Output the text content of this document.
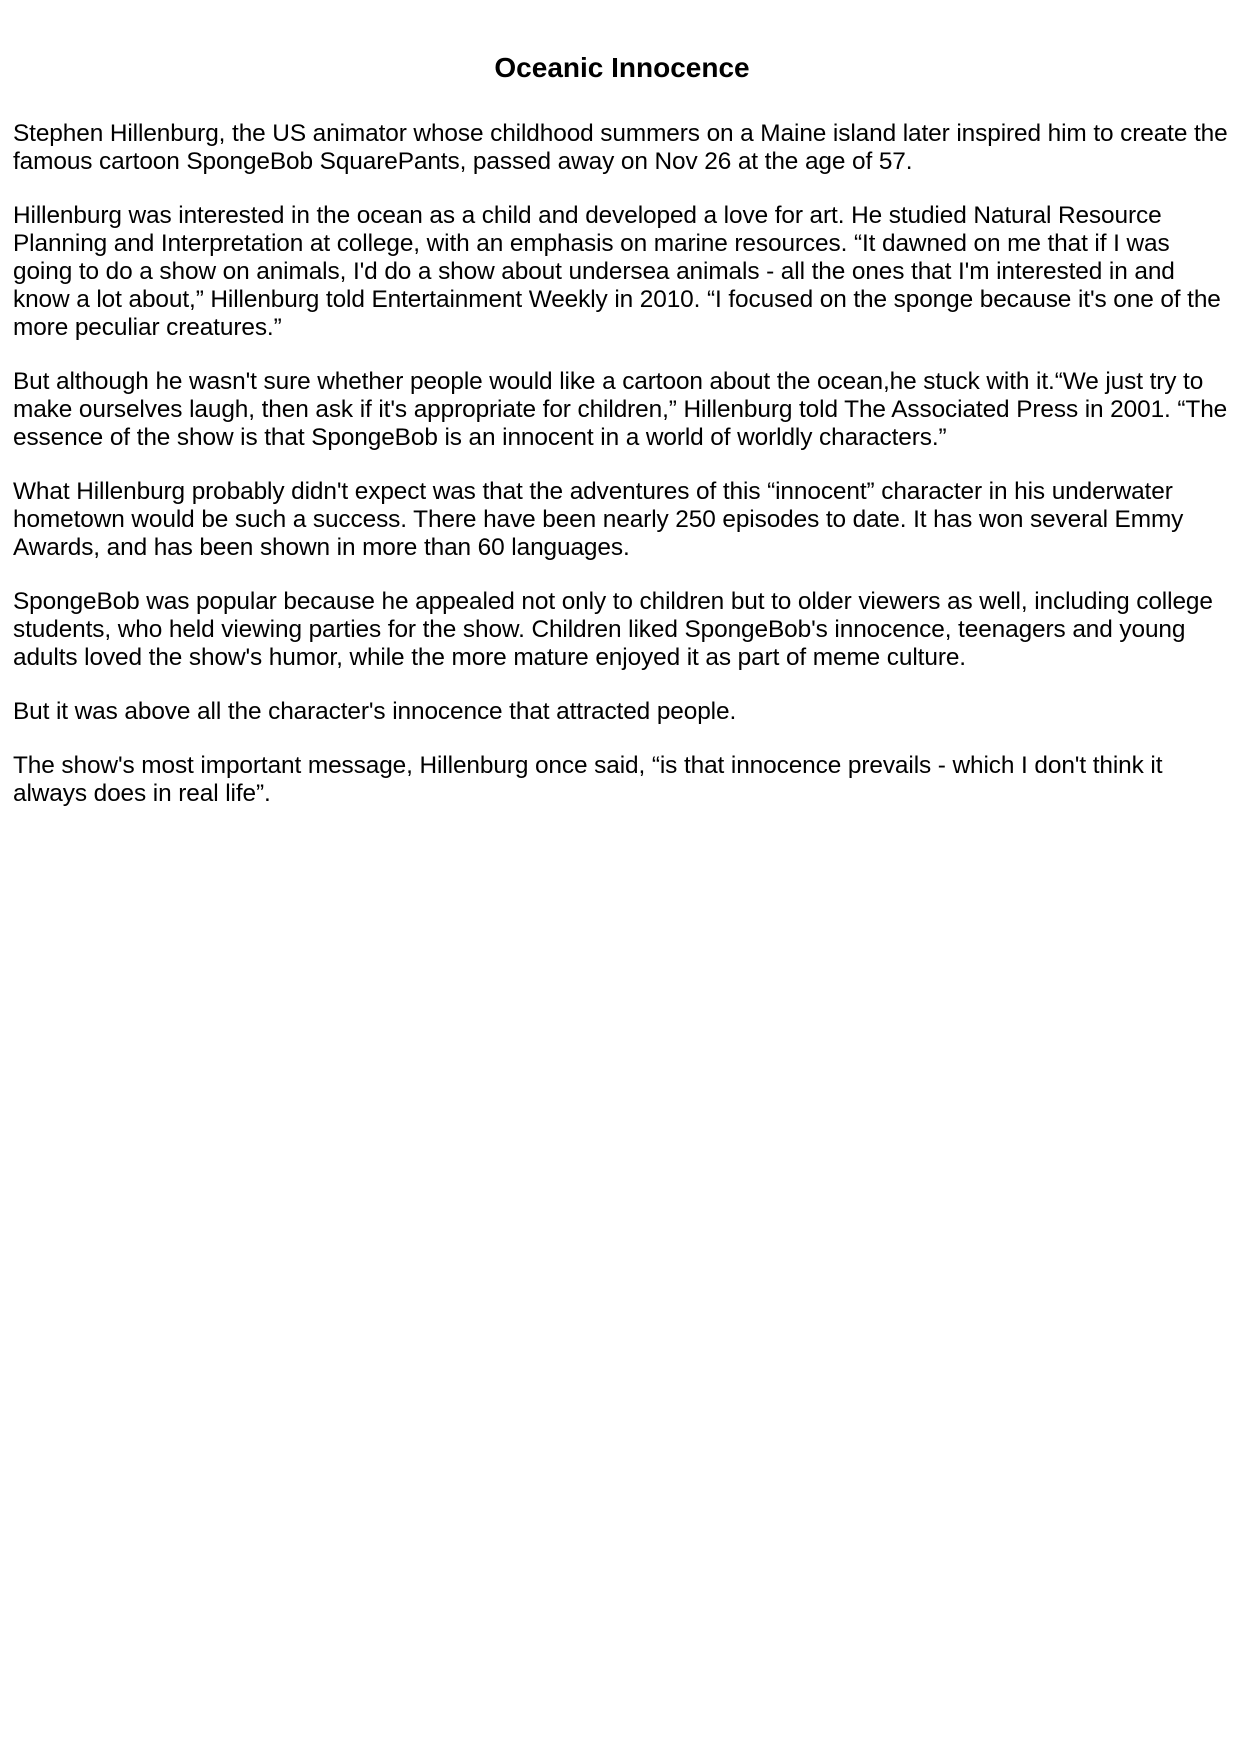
Oceanic Innocence

Stephen Hillenburg, the US animator whose childhood summers on a Maine island later inspired him to create the famous cartoon SpongeBob SquarePants, passed away on Nov 26 at the age of 57.

Hillenburg was interested in the ocean as a child and developed a love for art. He studied Natural Resource Planning and Interpretation at college, with an emphasis on marine resources. “It dawned on me that if I was going to do a show on animals, I'd do a show about undersea animals - all the ones that I'm interested in and know a lot about,” Hillenburg told Entertainment Weekly in 2010. “I focused on the sponge because it's one of the more peculiar creatures.”

But although he wasn't sure whether people would like a cartoon about the ocean,he stuck with it.“We just try to make ourselves laugh, then ask if it's appropriate for children,” Hillenburg told The Associated Press in 2001. “The essence of the show is that SpongeBob is an innocent in a world of worldly characters.”

What Hillenburg probably didn't expect was that the adventures of this “innocent” character in his underwater hometown would be such a success. There have been nearly 250 episodes to date. It has won several Emmy Awards, and has been shown in more than 60 languages.

SpongeBob was popular because he appealed not only to children but to older viewers as well, including college students, who held viewing parties for the show. Children liked SpongeBob's innocence, teenagers and young adults loved the show's humor, while the more mature enjoyed it as part of meme culture.

But it was above all the character's innocence that attracted people.

The show's most important message, Hillenburg once said, “is that innocence prevails - which I don't think it always does in real life”.
